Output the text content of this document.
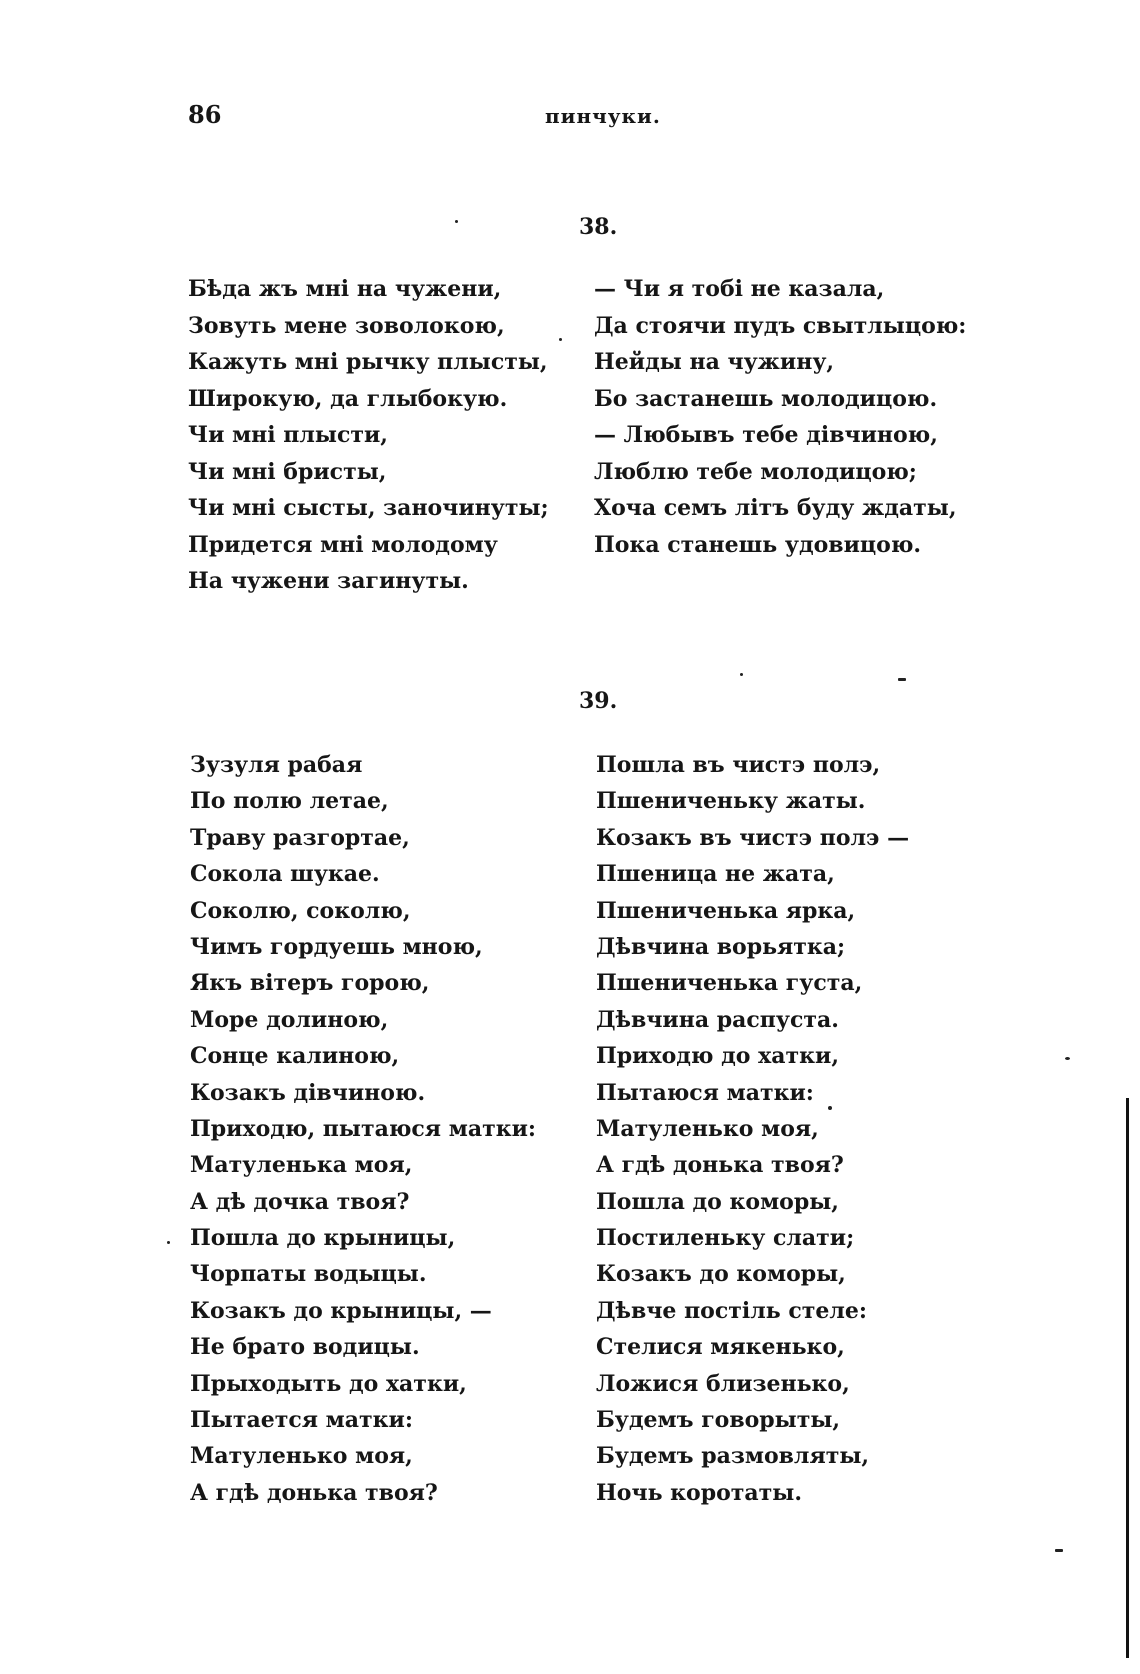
86	пинчуки.
38.
Бѣда жъ мні на чужени,
Зовуть мене зоволокою,
Кажуть мні рычку плысты,
Широкую, да глыбокую.
Чи мні плысти,
Чи мні бристы,
Чи мні сысты, заночинуты;
Придется мні молодому
На чужени загинуты.
— Чи я тобі не казала,
Да стоячи пудъ свытлыцою:
Нейды на чужину,
Бо застанешь молодицою.
— Любывъ тебе дівчиною,
Люблю тебе молодицою;
Хоча семъ літъ буду ждаты,
Пока станешь удовицою.
39.
Зузуля рабая
По полю летае,
Траву разгортае,
Сокола шукае.
Соколю, соколю,
Чимъ гордуешь мною,
Якъ вітеръ горою,
Море долиною,
Сонце калиною,
Козакъ дівчиною.
Приходю, пытаюся матки:
Матуленька моя,
А дѣ дочка твоя?
Пошла до крыницы,
Чорпаты водыцы.
Козакъ до крыницы, —
Не брато водицы.
Прыходыть до хатки,
Пытается матки:
Матуленько моя,
А гдѣ донька твоя?
Пошла въ чистэ полэ,
Пшениченьку жаты.
Козакъ въ чистэ полэ —
Пшеница не жата,
Пшениченька ярка,
Дѣвчина ворьятка;
Пшениченька густа,
Дѣвчина распуста.
Приходю до хатки,
Пытаюся матки:
Матуленько моя,
А гдѣ донька твоя?
Пошла до коморы,
Постиленьку слати;
Козакъ до коморы,
Дѣвче постіль стеле:
Стелися мякенько,
Ложися близенько,
Будемъ говорыты,
Будемъ размовляты,
Ночь коротаты.
